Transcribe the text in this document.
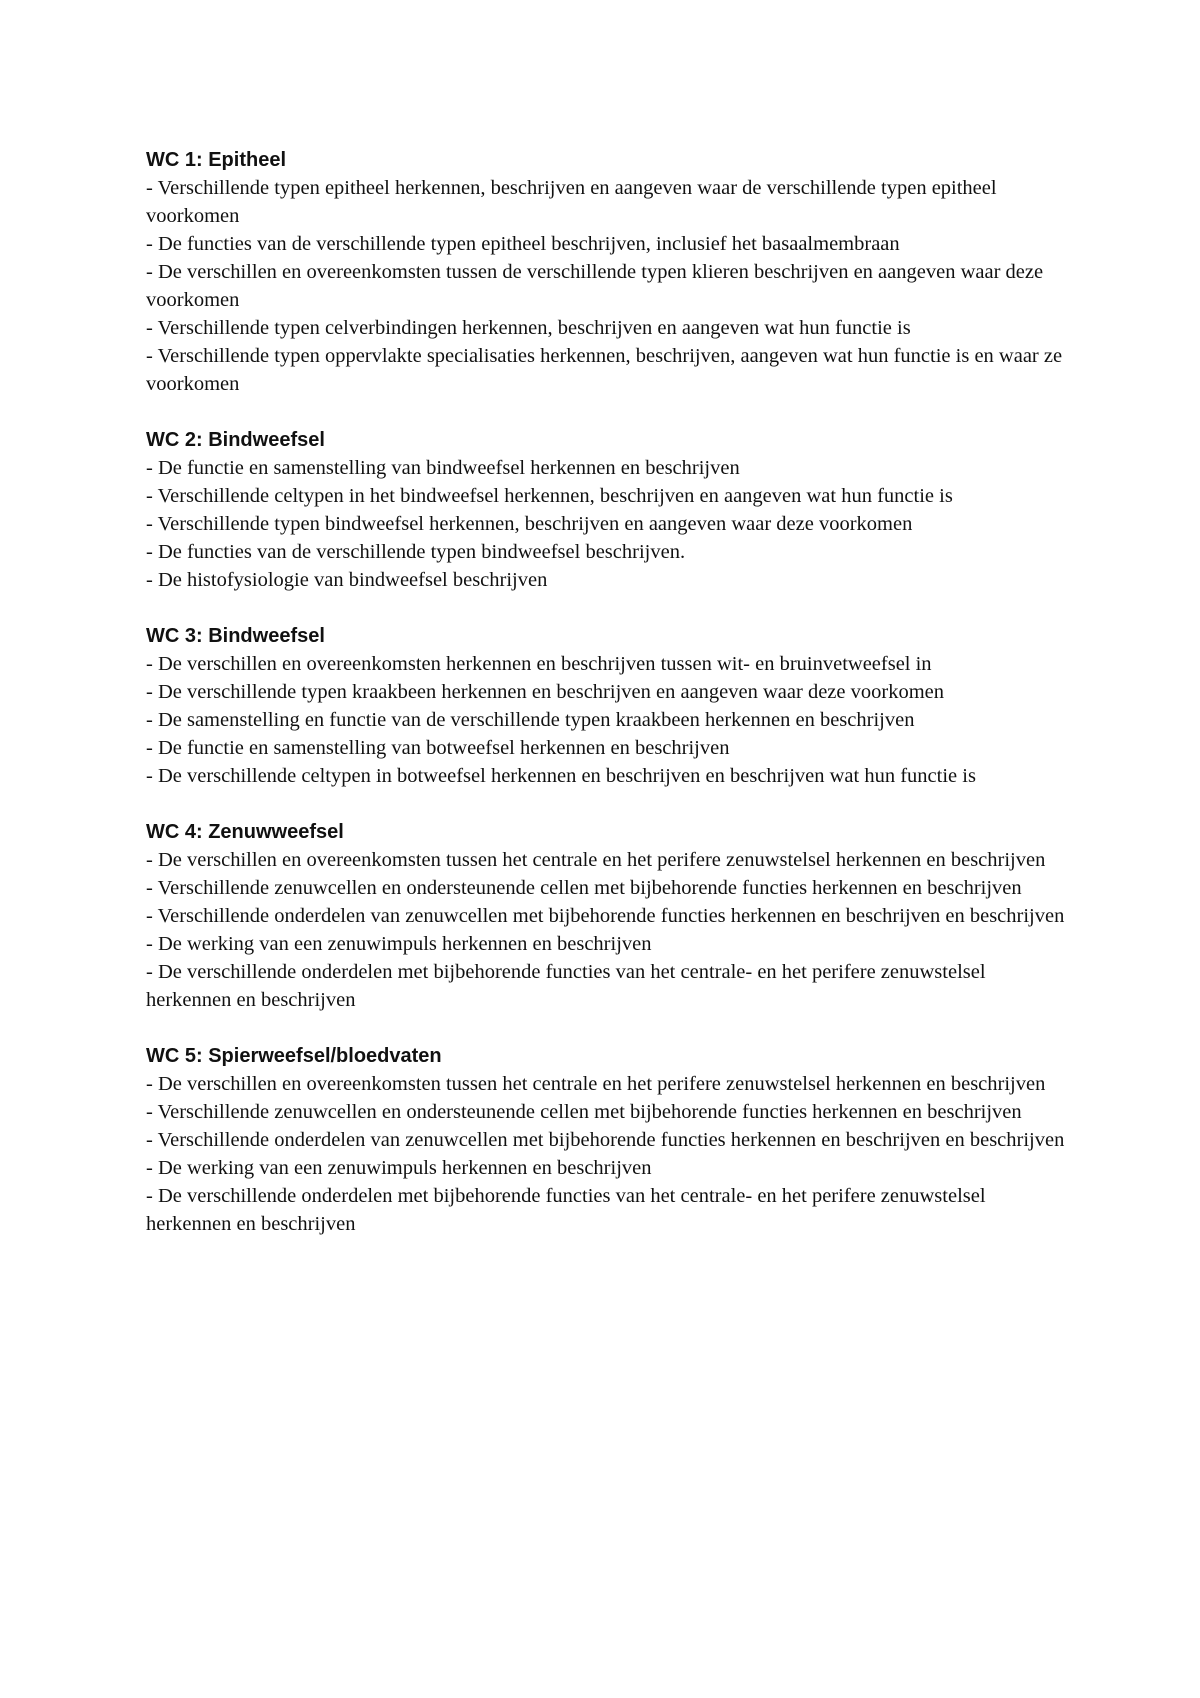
WC 1: Epitheel
- Verschillende typen epitheel herkennen, beschrijven en aangeven waar de verschillende typen epitheel voorkomen
- De functies van de verschillende typen epitheel beschrijven, inclusief het basaalmembraan
- De verschillen en overeenkomsten tussen de verschillende typen klieren beschrijven en aangeven waar deze voorkomen
- Verschillende typen celverbindingen herkennen, beschrijven en aangeven wat hun functie is
- Verschillende typen oppervlakte specialisaties herkennen, beschrijven, aangeven wat hun functie is en waar ze voorkomen
WC 2: Bindweefsel
- De functie en samenstelling van bindweefsel herkennen en beschrijven
- Verschillende celtypen in het bindweefsel herkennen, beschrijven en aangeven wat hun functie is
- Verschillende typen bindweefsel herkennen, beschrijven en aangeven waar deze voorkomen
- De functies van de verschillende typen bindweefsel beschrijven.
- De histofysiologie van bindweefsel beschrijven
WC 3: Bindweefsel
- De verschillen en overeenkomsten herkennen en beschrijven tussen wit- en bruinvetweefsel in
- De verschillende typen kraakbeen herkennen en beschrijven en aangeven waar deze voorkomen
- De samenstelling en functie van de verschillende typen kraakbeen herkennen en beschrijven
- De functie en samenstelling van botweefsel herkennen en beschrijven
- De verschillende celtypen in botweefsel herkennen en beschrijven en beschrijven wat hun functie is
WC 4: Zenuwweefsel
- De verschillen en overeenkomsten tussen het centrale en het perifere zenuwstelsel herkennen en beschrijven
- Verschillende zenuwcellen en ondersteunende cellen met bijbehorende functies herkennen en beschrijven
- Verschillende onderdelen van zenuwcellen met bijbehorende functies herkennen en beschrijven en beschrijven
- De werking van een zenuwimpuls herkennen en beschrijven
- De verschillende onderdelen met bijbehorende functies van het centrale- en het perifere zenuwstelsel herkennen en beschrijven
WC 5: Spierweefsel/bloedvaten
- De verschillen en overeenkomsten tussen het centrale en het perifere zenuwstelsel herkennen en beschrijven
- Verschillende zenuwcellen en ondersteunende cellen met bijbehorende functies herkennen en beschrijven
- Verschillende onderdelen van zenuwcellen met bijbehorende functies herkennen en beschrijven en beschrijven
- De werking van een zenuwimpuls herkennen en beschrijven
- De verschillende onderdelen met bijbehorende functies van het centrale- en het perifere zenuwstelsel herkennen en beschrijven
